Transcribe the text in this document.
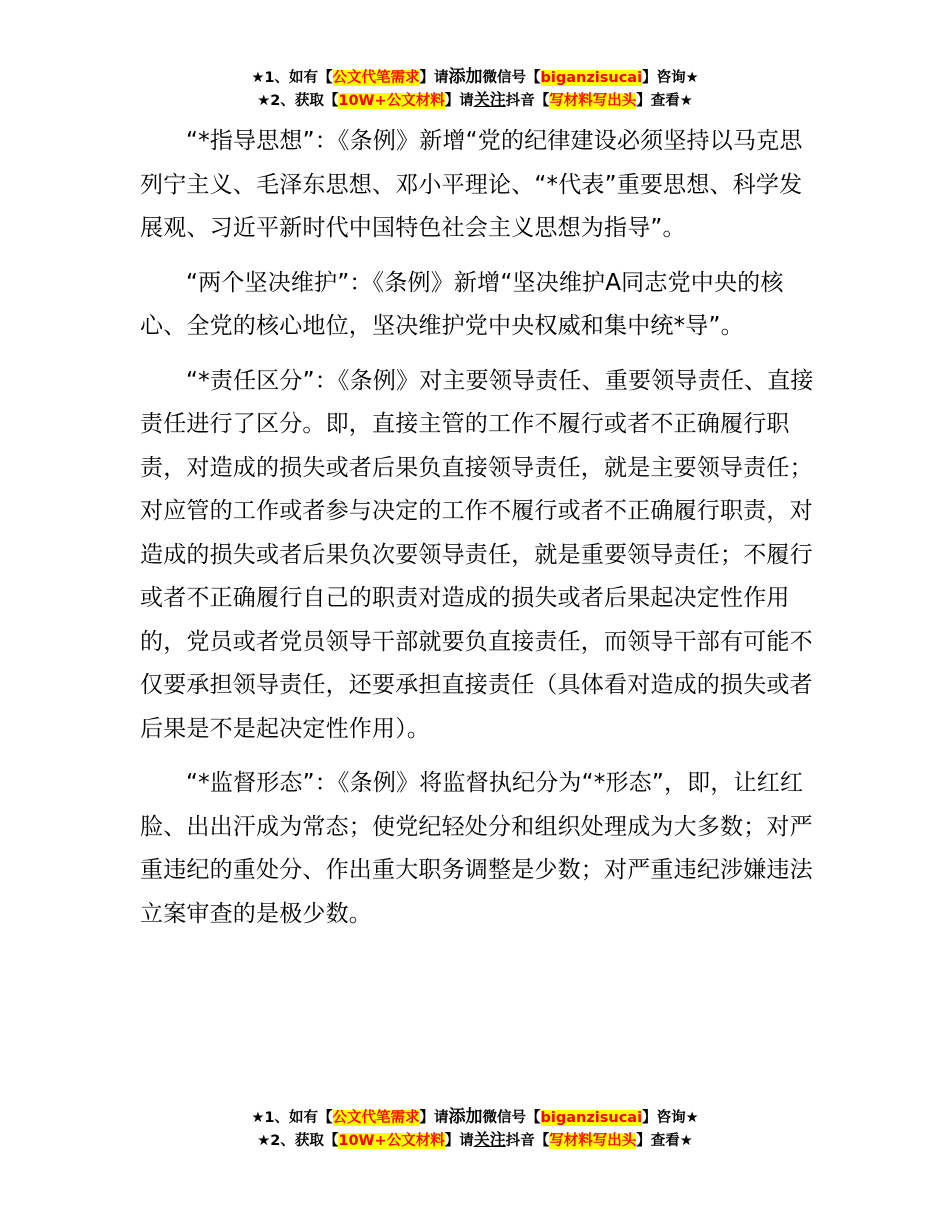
★1、如有【公文代笔需求】请添加微信号【biganzisucai】咨询★
★2、获取【10W+公文材料】请关注抖音【写材料写出头】查看★

“*指导思想”：《条例》新增“党的纪律建设必须坚持以马克思列宁主义、毛泽东思想、邓小平理论、“*代表”重要思想、科学发展观、习近平新时代中国特色社会主义思想为指导”。

“两个坚决维护”：《条例》新增“坚决维护A同志党中央的核心、全党的核心地位，坚决维护党中央权威和集中统*导”。

“*责任区分”：《条例》对主要领导责任、重要领导责任、直接责任进行了区分。即，直接主管的工作不履行或者不正确履行职责，对造成的损失或者后果负直接领导责任，就是主要领导责任；对应管的工作或者参与决定的工作不履行或者不正确履行职责，对造成的损失或者后果负次要领导责任，就是重要领导责任；不履行或者不正确履行自己的职责对造成的损失或者后果起决定性作用的，党员或者党员领导干部就要负直接责任，而领导干部有可能不仅要承担领导责任，还要承担直接责任（具体看对造成的损失或者后果是不是起决定性作用）。

“*监督形态”：《条例》将监督执纪分为“*形态”，即，让红红脸、出出汗成为常态；使党纪轻处分和组织处理成为大多数；对严重违纪的重处分、作出重大职务调整是少数；对严重违纪涉嫌违法立案审查的是极少数。

★1、如有【公文代笔需求】请添加微信号【biganzisucai】咨询★
★2、获取【10W+公文材料】请关注抖音【写材料写出头】查看★
